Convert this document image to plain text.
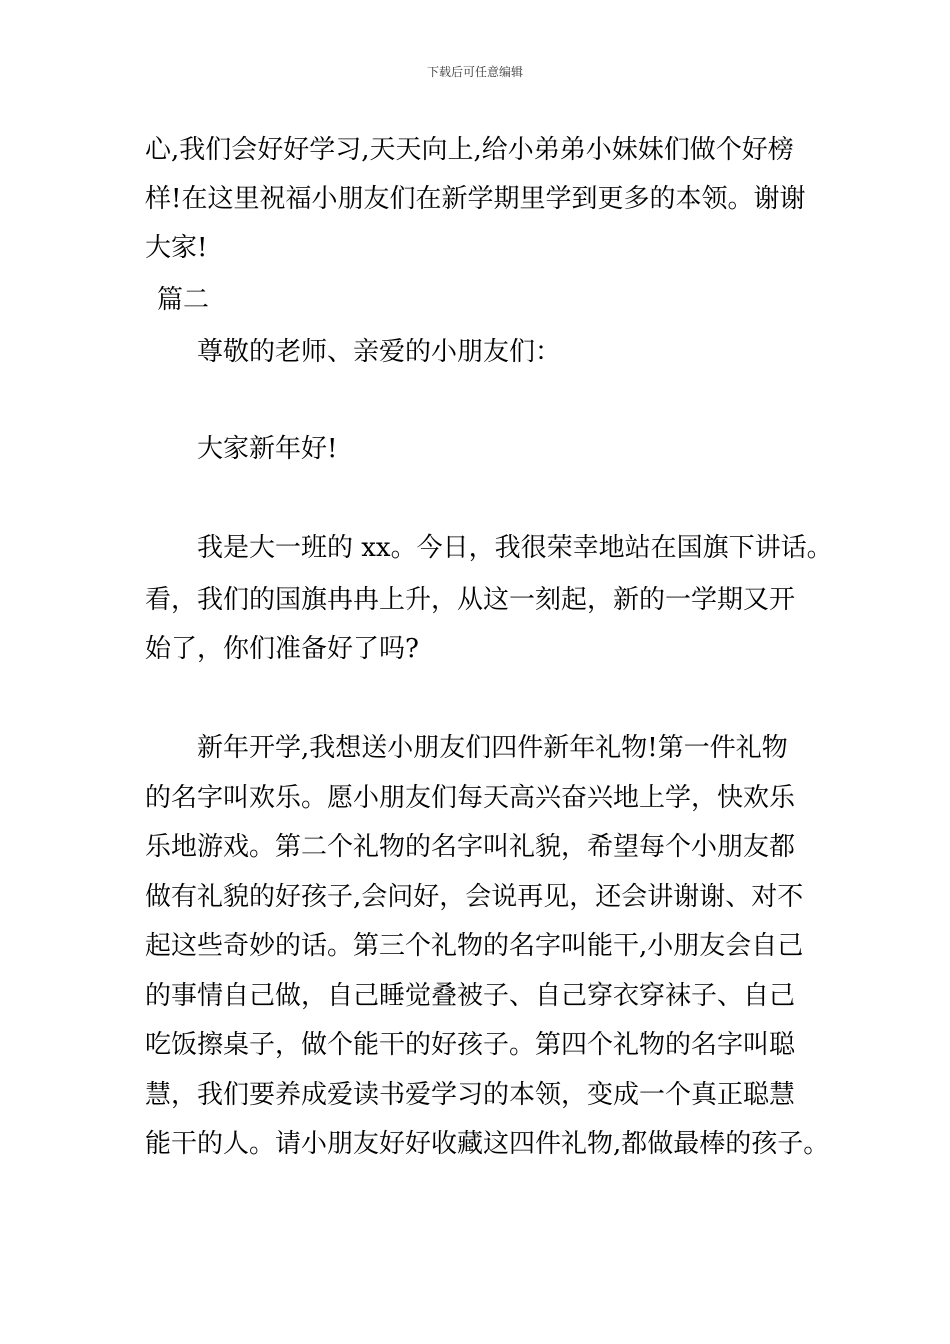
下载后可任意编辑
心,我们会好好学习,天天向上,给小弟弟小妹妹们做个好榜
样!在这里祝福小朋友们在新学期里学到更多的本领。谢谢
大家!
篇二
尊敬的老师、亲爱的小朋友们：
大家新年好!
我是大一班的 xx。今日，我很荣幸地站在国旗下讲话。
看，我们的国旗冉冉上升，从这一刻起，新的一学期又开
始了，你们准备好了吗?
新年开学,我想送小朋友们四件新年礼物!第一件礼物
的名字叫欢乐。愿小朋友们每天高兴奋兴地上学，快欢乐
乐地游戏。第二个礼物的名字叫礼貌，希望每个小朋友都
做有礼貌的好孩子,会问好，会说再见，还会讲谢谢、对不
起这些奇妙的话。第三个礼物的名字叫能干,小朋友会自己
的事情自己做，自己睡觉叠被子、自己穿衣穿袜子、自己
吃饭擦桌子，做个能干的好孩子。第四个礼物的名字叫聪
慧，我们要养成爱读书爱学习的本领，变成一个真正聪慧
能干的人。请小朋友好好收藏这四件礼物,都做最棒的孩子。
